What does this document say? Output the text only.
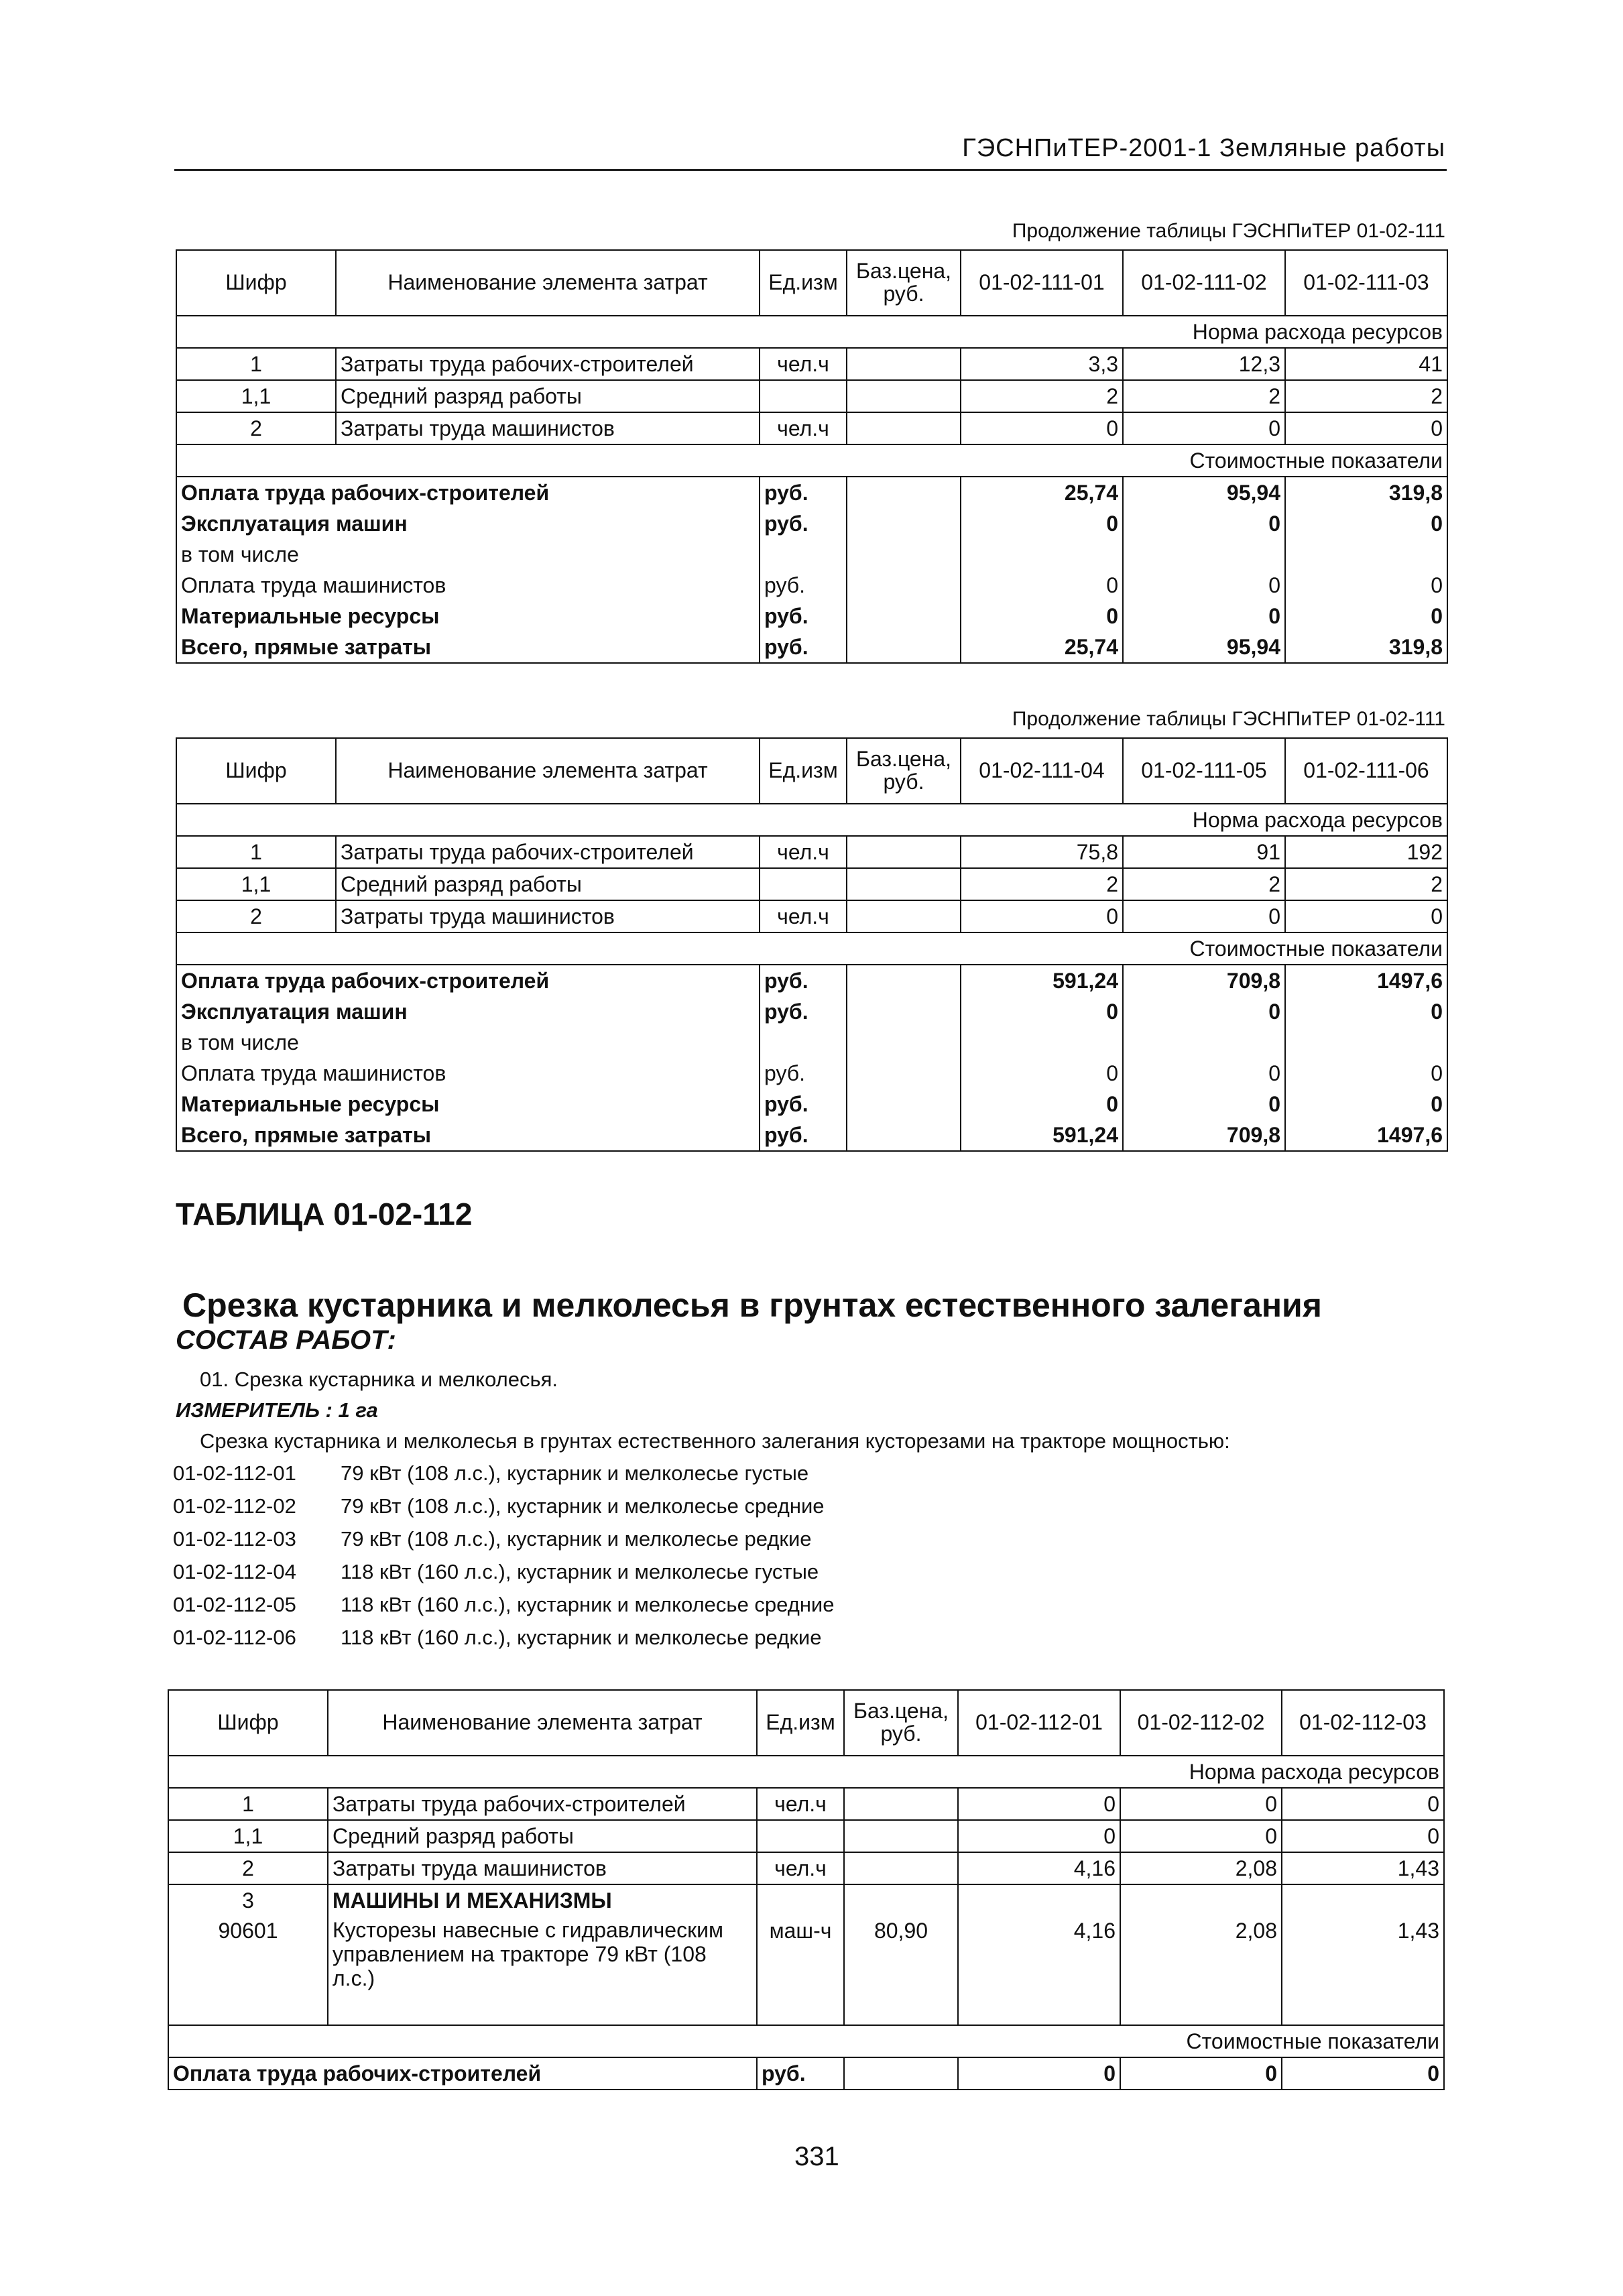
ГЭСНПиТЕР-2001-1 Земляные работы
Продолжение таблицы ГЭСНПиТЕР 01-02-111
Шифр	Наименование элемента затрат	Ед.изм	Баз.цена, руб.	01-02-111-01	01-02-111-02	01-02-111-03
Норма расхода ресурсов						
1	Затраты труда рабочих-строителей	чел.ч		3,3	12,3	41
1,1	Средний разряд работы			2	2	2
2	Затраты труда машинистов	чел.ч		0	0	0
Стоимостные показатели						
Оплата труда рабочих-строителей		руб.		25,74	95,94	319,8
Эксплуатация машин		руб.		0	0	0
в том числе						
Оплата труда машинистов		руб.		0	0	0
Материальные ресурсы		руб.		0	0	0
Всего, прямые затраты		руб.		25,74	95,94	319,8
Продолжение таблицы ГЭСНПиТЕР 01-02-111
Шифр	Наименование элемента затрат	Ед.изм	Баз.цена, руб.	01-02-111-04	01-02-111-05	01-02-111-06
Норма расхода ресурсов						
1	Затраты труда рабочих-строителей	чел.ч		75,8	91	192
1,1	Средний разряд работы			2	2	2
2	Затраты труда машинистов	чел.ч		0	0	0
Стоимостные показатели						
Оплата труда рабочих-строителей		руб.		591,24	709,8	1497,6
Эксплуатация машин		руб.		0	0	0
в том числе						
Оплата труда машинистов		руб.		0	0	0
Материальные ресурсы		руб.		0	0	0
Всего, прямые затраты		руб.		591,24	709,8	1497,6
ТАБЛИЦА 01-02-112
Срезка кустарника и мелколесья в грунтах естественного залегания
СОСТАВ РАБОТ:
01. Срезка кустарника и мелколесья.
ИЗМЕРИТЕЛЬ : 1 га
Срезка кустарника и мелколесья в грунтах естественного залегания кусторезами на тракторе мощностью:
01-02-112-01	79 кВт (108 л.с.), кустарник и мелколесье густые
01-02-112-02	79 кВт (108 л.с.), кустарник и мелколесье средние
01-02-112-03	79 кВт (108 л.с.), кустарник и мелколесье редкие
01-02-112-04	118 кВт (160 л.с.), кустарник и мелколесье густые
01-02-112-05	118 кВт (160 л.с.), кустарник и мелколесье средние
01-02-112-06	118 кВт (160 л.с.), кустарник и мелколесье редкие
Шифр	Наименование элемента затрат	Ед.изм	Баз.цена, руб.	01-02-112-01	01-02-112-02	01-02-112-03
Норма расхода ресурсов						
1	Затраты труда рабочих-строителей	чел.ч		0	0	0
1,1	Средний разряд работы			0	0	0
2	Затраты труда машинистов	чел.ч		4,16	2,08	1,43
3	МАШИНЫ И МЕХАНИЗМЫ					
90601	Кусторезы навесные с гидравлическим управлением на тракторе 79 кВт (108 л.с.)	маш-ч	80,90	4,16	2,08	1,43
Стоимостные показатели						
Оплата труда рабочих-строителей		руб.		0	0	0
331
